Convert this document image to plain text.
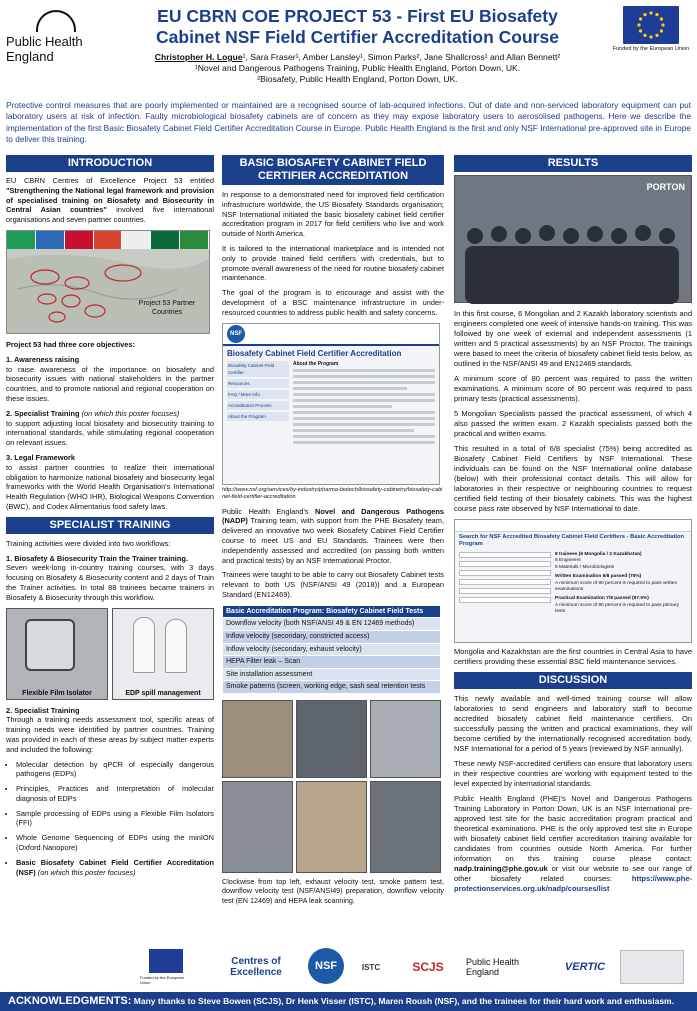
Public Health
England
EU CBRN COE PROJECT 53 - First EU Biosafety
Cabinet NSF Field Certifier Accreditation Course
Christopher H. Logue¹, Sara Fraser¹, Amber Lansley¹, Simon Parks², Jane Shallcross¹ and Allan Bennett²
¹Novel and Dangerous Pathogens Training, Public Health England, Porton Down, UK.
²Biosafety, Public Health England, Porton Down, UK.
Funded by the European Union
Protective control measures that are poorly implemented or maintained are a recognised source of lab-acquired infections. Out of date and non-serviced laboratory equipment can put laboratory users at risk of infection. Faulty microbiological biosafety cabinets are of concern as they may expose laboratory users to aerosolised pathogens. Here we describe the implementation of the first Basic Biosafety Cabinet Field Certifier Accreditation Course in Europe. Public Health England is the first and only NSF International pre-approved site in Europe to deliver this training.
INTRODUCTION

EU CBRN Centres of Excellence Project 53 entitled "Strengthening the National legal framework and provision of specialised training on Biosafety and Biosecurity in Central Asian countries" involved five international organisations and seven partner countries.

Project 53 Partner Countries

Project 53 had three core objectives:

1. Awareness raising
to raise awareness of the importance on biosafety and biosecurity issues with national stakeholders in the partner countries, and to promote national and regional cooperation on these issues.

2. Specialist Training (on which this poster focuses)
to support adjusting local biosafety and biosecurity training to international standards, while stimulating regional cooperation on relevant issues.

3. Legal Framework
to assist partner countries to realize their international obligation to harmonize national biosafety and biosecurity legal frameworks with the World Health Organisation's International Health Regulation (WHO IHR), Biological Weapons Convention (BWC), and Codex Alimentarius food safety laws.

SPECIALIST TRAINING

Training activities were divided into two workflows:

1. Biosafety & Biosecurity Train the Trainer training.
Seven week-long in-country training courses, with 3 days focusing on Biosafety & Biosecurity content and 2 days of Train the Trainer activities. In total 88 trainees became trainers in Biosafety & Biosecurity through this workflow.

Flexible Film Isolator	EDP spill management

2. Specialist Training
Through a training needs assessment tool, specific areas of training needs were identified by partner countries. Training was provided in each of these areas by subject matter experts and included the following:

• Molecular detection by qPCR of especially dangerous pathogens (EDPs)
• Principles, Practices and Interpretation of molecular diagnosis of EDPs
• Sample processing of EDPs using a Flexible Film Isolators (FFI)
• Whole Genome Sequencing of EDPs using the minION (Oxford Nanopore)
• Basic Biosafety Cabinet Field Certifier Accreditation (NSF) (on which this poster focuses)
BASIC BIOSAFETY CABINET FIELD
CERTIFIER ACCREDITATION

In response to a demonstrated need for improved field certification infrastructure worldwide, the US Biosafety Standards organisation; NSF International initiated the basic biosafety cabinet field certifier accreditation program in 2017 for field certifiers who live and work outside of North America.

It is tailored to the international marketplace and is intended not only to provide trained field certifiers with credentials, but to promote overall awareness of the need for routine biosafety cabinet maintenance.

The goal of the program is to encourage and assist with the development of a BSC maintenance infrastructure in under-resourced countries to address public health and safety concerns.

NSF
Biosafety Cabinet Field Certifier Accreditation
Biosafety Cabinet Field Certifier
Resources
FAQ / More Info
Accreditation Process
About the Program
About the Program
http://www.nsf.org/services/by-industry/pharma-biotech/biosafety-cabinetry/biosafety-cabinet-field-certifier-accreditation

Public Health England's Novel and Dangerous Pathogens (NADP) Training team, with support from the PHE Biosafety team, delivered an innovative two week Biosafety Cabinet Field Certifier course to meet US and EU Standards. Trainees were then independently assessed and accredited (on passing both written and practical tests) by an NSF International Proctor.

Trainees were taught to be able to carry out Biosafety Cabinet tests relevant to both US (NSF/ANSI 49 (2018)) and a European Standard (EN12469).

Basic Accreditation Program: Biosafety Cabinet Field Tests
Downflow velocity (both NSF/ANSI 49 & EN 12469 methods)
Inflow velocity (secondary, constricted access)
Inflow velocity (secondary, exhaust velocity)
HEPA Filter leak – Scan
Site installation assessment
Smoke patterns (screen, working edge, sash seal retention tests
Clockwise from top left, exhaust velocity test, smoke pattern test, downflow velocity test (NSF/ANSI49) preparation, downflow velocity test (EN 12469) and HEPA leak scanning.
RESULTS
PORTON

In this first course, 6 Mongolian and 2 Kazakh laboratory scientists and engineers completed one week of intensive hands-on training. This was followed by one week of external and independent assessments (1 written and 5 practical assessments) by an NSF Proctor. The trainings were based to meet the criteria of biosafety cabinet field tests below, as outlined in the NSF/ANSI 49 and EN12469 standards.

A minimum score of 80 percent was required to pass the written examinations. A minimum score of 90 percent was required to pass primary tests (practical assessments).

5 Mongolian Specialists passed the practical assessment, of which 4 also passed the written exam. 2 Kazakh specialists passed both the practical and written exams.

This resulted in a total of 6/8 specialist (75%) being accredited as Biosafety Cabinet Field Certifiers by NSF International. These individuals can be found on the NSF International online database (below) with their professional contact details. This will allow for laboratories in their respective or neighbouring countries to request certified field testing of their biosafety cabinets. This was the highest course pass rate observed by NSF International to date.

Search for NSF Accredited Biosafety Cabinet Field Certifiers - Basic Accreditation Program
8 trainees (6 Mongolia / 2 Kazakhstan)
6 Engineers
6 Materials / Microbiologists
Written Examination 6/8 passed (75%)
A minimum score of 80 percent is required to pass written examinations
Practical Examination 7/8 passed (87.5%)
A minimum score of 90 percent is required to pass primary tests
Mongolia and Kazakhstan are the first countries in Central Asia to have certifiers providing these essential BSC field maintenance services.
DISCUSSION

This newly available and well-timed training course will allow laboratories to send engineers and laboratory staff to become accredited biosafety cabinet field maintenance certifiers. On successfully passing the written and practical examinations, they will become certified by the internationally recognised accreditation body, NSF International for a period of 5 years (reviewed by NSF annually).

These newly NSF-accredited certifiers can ensure that laboratory users in their respective countries are working with equipment tested to the level expected by international standards.

Public Health England (PHE)'s Novel and Dangerous Pathogens Training Laboratory in Porton Down, UK is an NSF International pre-approved test site for the basic accreditation program practical and theoretical examinations. PHE is the only approved test site in Europe with biosafety cabinet field certifier accreditation training available for candidates from countries outside North America. For further information on this training course please contact: nadp.training@phe.gov.uk or visit our website to see our range of other biosafety related courses: https://www.phe-protectionservices.org.uk/nadp/courses/list

Funded by the European Union
Centres of Excellence
NSF	ISTC	SCJS	Public Health England	VERTIC
ACKNOWLEDGMENTS: Many thanks to Steve Bowen (SCJS), Dr Henk Visser (ISTC), Maren Roush (NSF), and the trainees for their hard work and enthusiasm.
